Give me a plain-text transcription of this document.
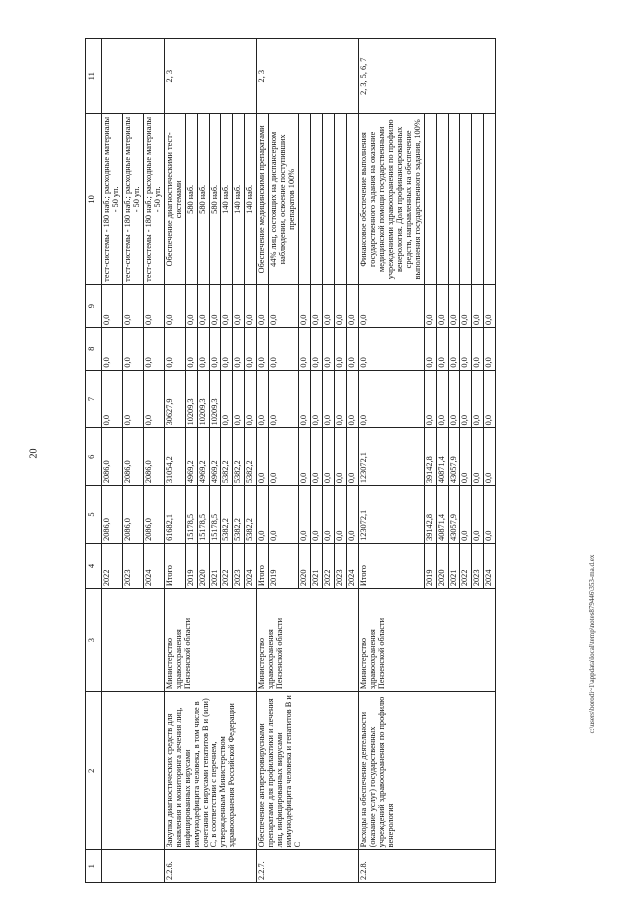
20
1	2	3	4	5	6	7	8	9	10	11
			2022	2086,0	2086,0	0,0	0,0	0,0	тест-системы - 180 наб.; расходные материалы - 50 уп.	
			2023	2086,0	2086,0	0,0	0,0	0,0	тест-системы - 180 наб.; расходные материалы - 50 уп.	
			2024	2086,0	2086,0	0,0	0,0	0,0	тест-системы - 180 наб.; расходные материалы - 50 уп.	
2.2.6.	Закупка диагностических средств для выявления и мониторинга лечения лиц, инфицированных вирусами иммунодефицита человека, в том числе в сочетании с вирусами гепатитов В и (или) С, в соответствии с перечнем, утвержденным Министерством здравоохранения Российской Федерации	Министерство здравоохранения Пензенской области	Итого	61682,1	31054,2	30627,9	0,0	0,0	Обеспечение диагностическими тест-системами	2, 3
			2019	15178,5	4969,2	10209,3	0,0	0,0	580 наб.	
			2020	15178,5	4969,2	10209,3	0,0	0,0	580 наб.	
			2021	15178,5	4969,2	10209,3	0,0	0,0	580 наб.	
			2022	5382,2	5382,2	0,0	0,0	0,0	140 наб.	
			2023	5382,2	5382,2	0,0	0,0	0,0	140 наб.	
			2024	5382,2	5382,2	0,0	0,0	0,0	140 наб.	
2.2.7.	Обеспечение антиретровирусными препаратами для профилактики и лечения лиц, инфицированных вирусами иммунодефицита человека и гепатитов В и С	Министерство здравоохранения Пензенской области	Итого	0,0	0,0	0,0	0,0	0,0	Обеспечение медицинскими препаратами	2, 3
			2019	0,0	0,0	0,0	0,0	0,0	44% лиц, состоящих на диспансерном наблюдении, освоение поступивших препаратов 100%	
			2020	0,0	0,0	0,0	0,0	0,0		
			2021	0,0	0,0	0,0	0,0	0,0		
			2022	0,0	0,0	0,0	0,0	0,0		
			2023	0,0	0,0	0,0	0,0	0,0		
			2024	0,0	0,0	0,0	0,0	0,0		
2.2.8.	Расходы на обеспечение деятельности (оказание услуг) государственных учреждений здравоохранения по профилю венерология	Министерство здравоохранения Пензенской области	Итого	123072,1	123072,1	0,0	0,0	0,0	Финансовое обеспечение выполнения государственного задания на оказание медицинской помощи государственными учреждениями здравоохранения по профилю венерология. Доля профинансированных средств, направленных на обеспечение выполнения государственного задания, 100%	2, 3, 5, 6, 7
			2019	39142,8	39142,8	0,0	0,0	0,0		
			2020	40871,4	40871,4	0,0	0,0	0,0		
			2021	43057,9	43057,9	0,0	0,0	0,0		
			2022	0,0	0,0	0,0	0,0	0,0		
			2023	0,0	0,0	0,0	0,0	0,0		
			2024	0,0	0,0	0,0	0,0	0,0		
c:\users\borodi~1\appdata\local\temp\notes879446\353-ma.d.ex
